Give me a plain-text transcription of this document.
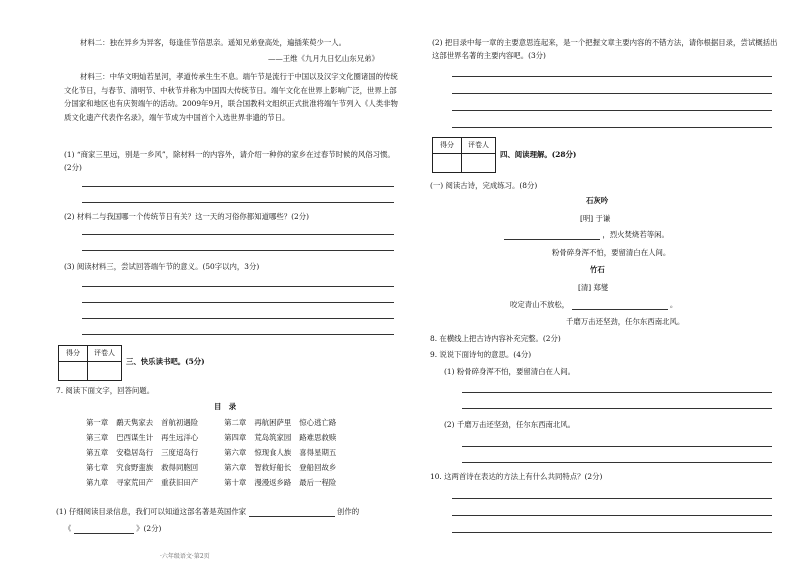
材料二：独在异乡为异客，每逢佳节倍思亲。遥知兄弟登高处，遍插茱萸少一人。
——王维《九月九日忆山东兄弟》
材料三：中华文明灿若星河，孝道传承生生不息。端午节是流行于中国以及汉字文化圈诸国的传统文化节日，与春节、清明节、中秋节并称为中国四大传统节日。端午文化在世界上影响广泛，世界上部分国家和地区也有庆贺端午的活动。2009年9月，联合国教科文组织正式批准将端午节列入《人类非物质文化遗产代表作名录》，端午节成为中国首个入选世界非遗的节日。
(1) “商家三里远，别是一乡风”，除材料一的内容外，请介绍一种你的家乡在过春节时候的风俗习惯。(2分)
(2) 材料二与我国哪一个传统节日有关？这一天的习俗你都知道哪些？(2分)
(3) 阅读材料三，尝试回答端午节的意义。(50字以内，3分)
得分	评卷人
三、快乐读书吧。(5分)
7. 阅读下面文字，回答问题。
目　录
第一章	鹬天隽家去	首航初遇险	第二章	再航困萨里	惊心逃亡路
第三章	巴西谋生计	再生远洋心	第四章	荒岛筑家园	路难思救赎
第五章	安稳居岛行	三度迢岛行	第六章	惊现食人族	喜得星期五
第七章	究食野蛮族	救得同胞回	第六章	智救好船长	登船回故乡
第九章	寻家荒田产	重获旧田产	第十章	漫漫返乡路	最后一程险
(1) 仔细阅读目录信息，我们可以知道这部名著是英国作家	创作的
《	》(2分)
·六年级语文·第2页
(2) 把目录中每一章的主要意思连起来，是一个把握文章主要内容的不错方法，请你根据目录，尝试概括出这部世界名著的主要内容吧。(3分)
得分	评卷人
四、阅读理解。(28分)
(一) 阅读古诗，完成练习。(8分)
石灰吟
[明] 于谦
，烈火焚烧若等闲。
粉骨碎身浑不怕，要留清白在人间。
竹石
[清] 郑燮
咬定青山不放松，	。
千磨万击还坚劲，任尔东西南北风。
8. 在横线上把古诗内容补充完整。(2分)
9. 说说下面诗句的意思。(4分)
(1) 粉骨碎身浑不怕，要留清白在人间。
(2) 千磨万击还坚劲，任尔东西南北风。
10. 这两首诗在表达的方法上有什么共同特点？(2分)
